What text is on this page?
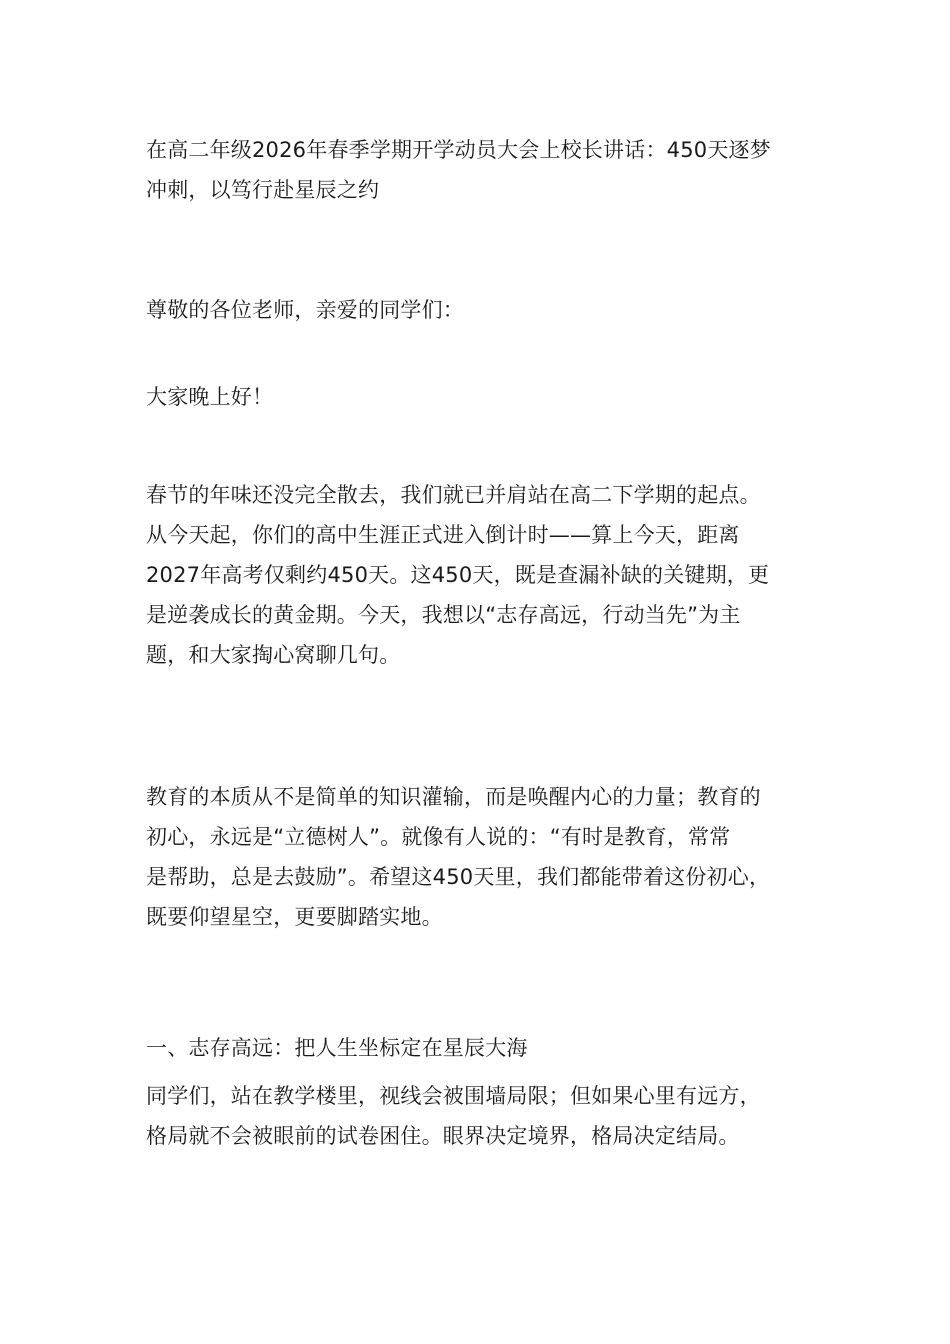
在高二年级2026年春季学期开学动员大会上校长讲话：450天逐梦
冲刺，以笃行赴星辰之约

尊敬的各位老师，亲爱的同学们：

大家晚上好！

春节的年味还没完全散去，我们就已并肩站在高二下学期的起点。
从今天起，你们的高中生涯正式进入倒计时——算上今天，距离
2027年高考仅剩约450天。这450天，既是查漏补缺的关键期，更
是逆袭成长的黄金期。今天，我想以“志存高远，行动当先”为主
题，和大家掏心窝聊几句。

教育的本质从不是简单的知识灌输，而是唤醒内心的力量；教育的
初心，永远是“立德树人”。就像有人说的：“有时是教育，常常
是帮助，总是去鼓励”。希望这450天里，我们都能带着这份初心，
既要仰望星空，更要脚踏实地。

一、志存高远：把人生坐标定在星辰大海

同学们，站在教学楼里，视线会被围墙局限；但如果心里有远方，
格局就不会被眼前的试卷困住。眼界决定境界，格局决定结局。
